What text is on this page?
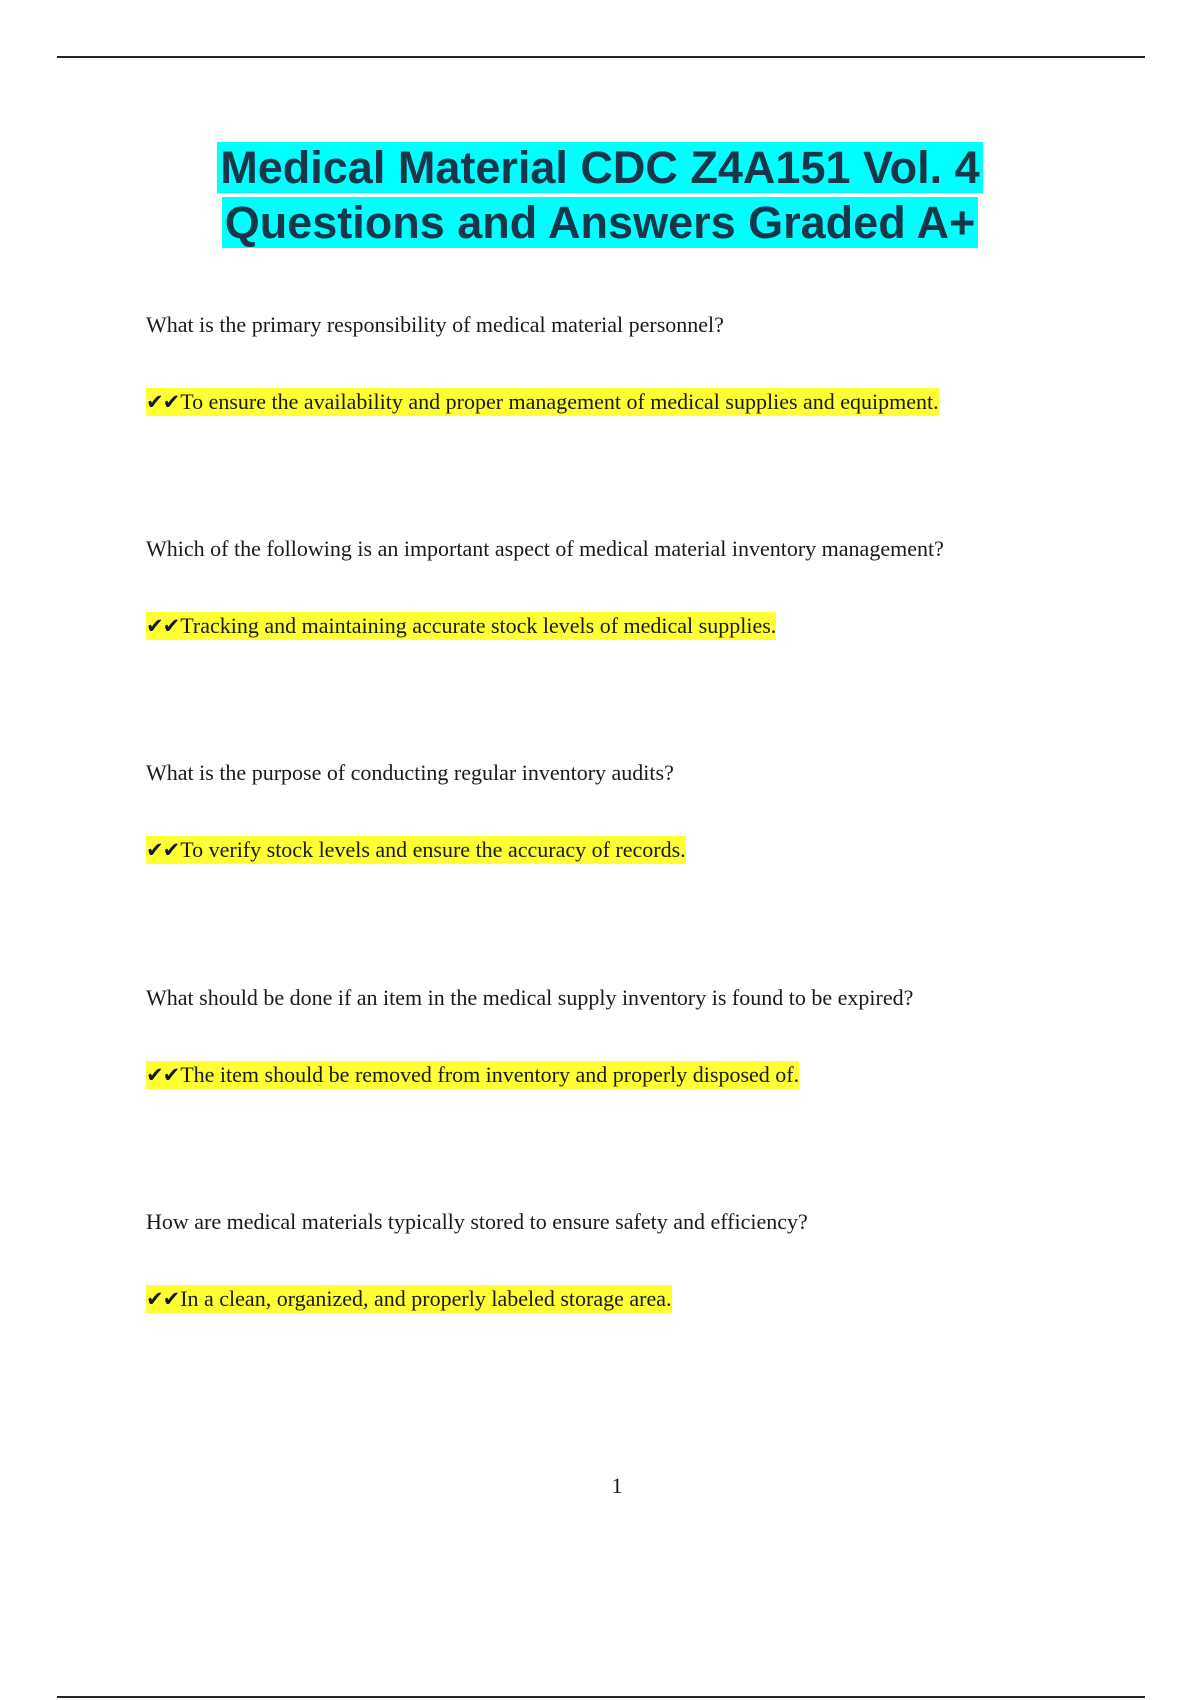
Medical Material CDC Z4A151 Vol. 4
Questions and Answers Graded A+

What is the primary responsibility of medical material personnel?

✔✔To ensure the availability and proper management of medical supplies and equipment.

Which of the following is an important aspect of medical material inventory management?

✔✔Tracking and maintaining accurate stock levels of medical supplies.

What is the purpose of conducting regular inventory audits?

✔✔To verify stock levels and ensure the accuracy of records.

What should be done if an item in the medical supply inventory is found to be expired?

✔✔The item should be removed from inventory and properly disposed of.

How are medical materials typically stored to ensure safety and efficiency?

✔✔In a clean, organized, and properly labeled storage area.

1
